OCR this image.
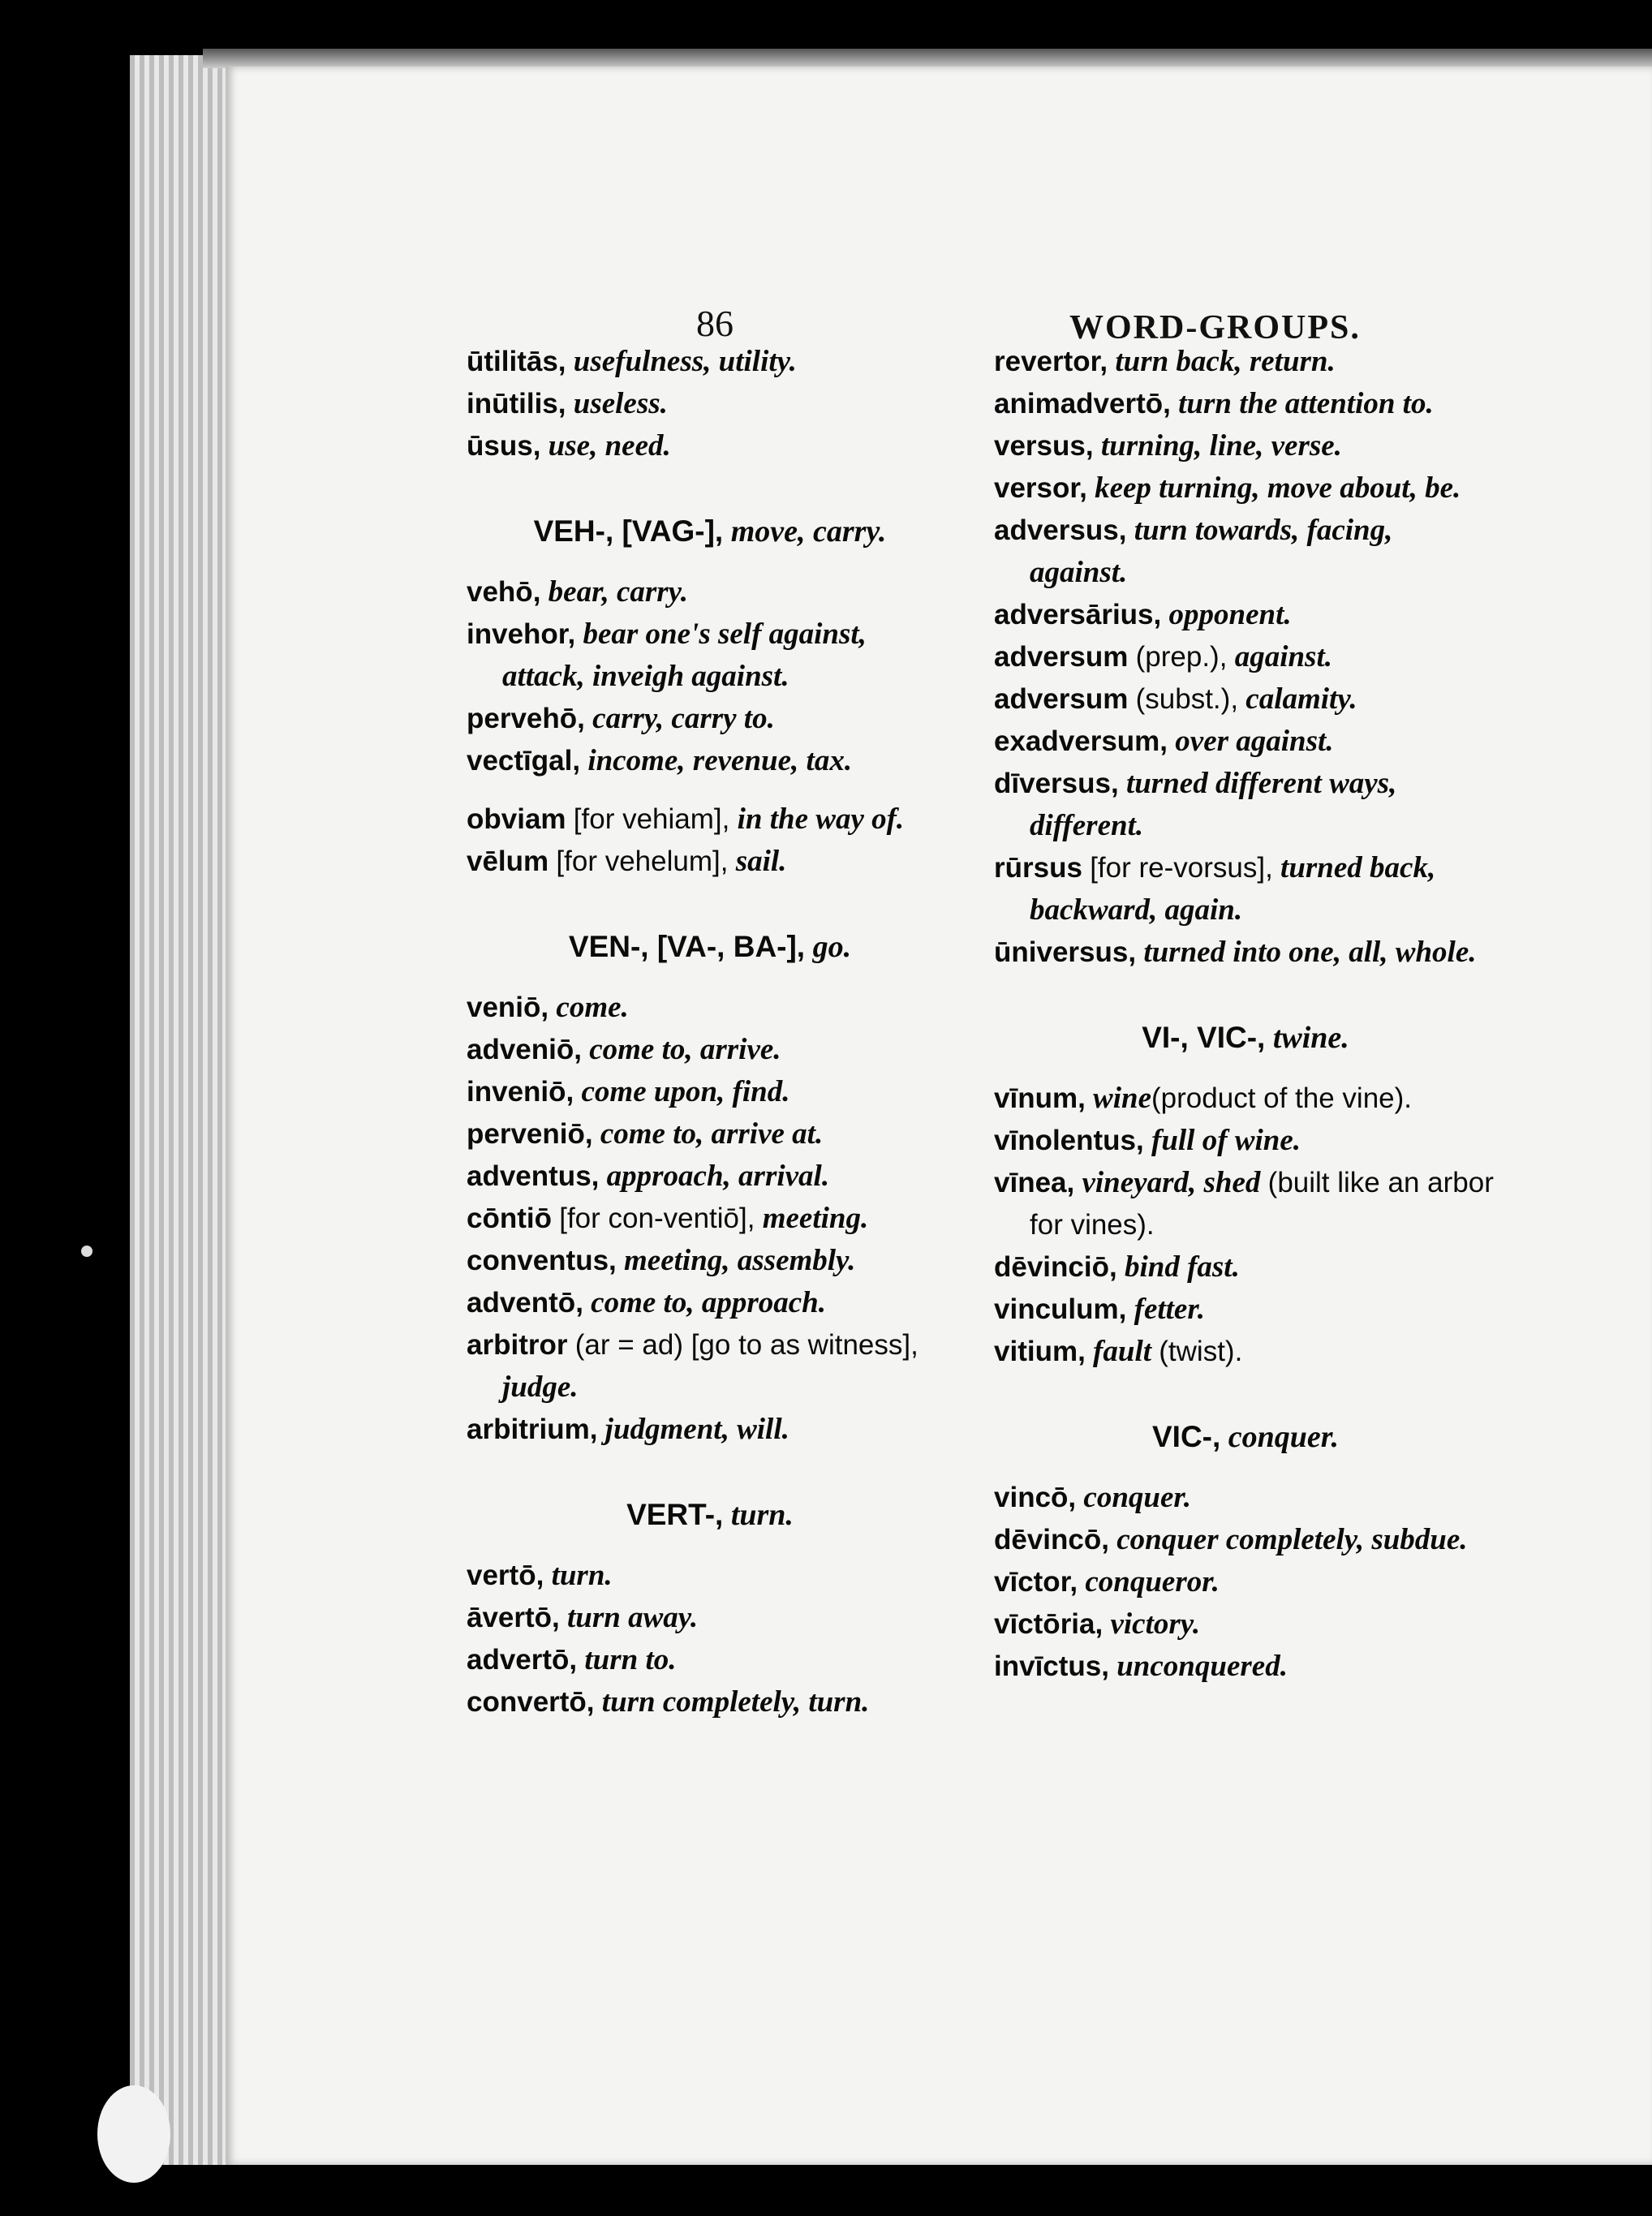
86	WORD-GROUPS.
ūtilitās, usefulness, utility.
inūtilis, useless.
ūsus, use, need.
VEH-, [VAG-], move, carry.
vehō, bear, carry.
invehor, bear one's self against, attack, inveigh against.
pervehō, carry, carry to.
vectīgal, income, revenue, tax.
obviam [for vehiam], in the way of.
vēlum [for vehelum], sail.
VEN-, [VA-, BA-], go.
veniō, come.
adveniō, come to, arrive.
inveniō, come upon, find.
perveniō, come to, arrive at.
adventus, approach, arrival.
cōntiō [for con-ventiō], meeting.
conventus, meeting, assembly.
adventō, come to, approach.
arbitror (ar = ad) [go to as witness], judge.
arbitrium, judgment, will.
VERT-, turn.
vertō, turn.
āvertō, turn away.
advertō, turn to.
convertō, turn completely, turn.
revertor, turn back, return.
animadvertō, turn the attention to.
versus, turning, line, verse.
versor, keep turning, move about, be.
adversus, turn towards, facing, against.
adversārius, opponent.
adversum (prep.), against.
adversum (subst.), calamity.
exadversum, over against.
dīversus, turned different ways, different.
rūrsus [for re-vorsus], turned back, backward, again.
ūniversus, turned into one, all, whole.
VI-, VIC-, twine.
vīnum, wine(product of the vine).
vīnolentus, full of wine.
vīnea, vineyard, shed (built like an arbor for vines).
dēvinciō, bind fast.
vinculum, fetter.
vitium, fault (twist).
VIC-, conquer.
vincō, conquer.
dēvincō, conquer completely, subdue.
vīctor, conqueror.
vīctōria, victory.
invīctus, unconquered.
